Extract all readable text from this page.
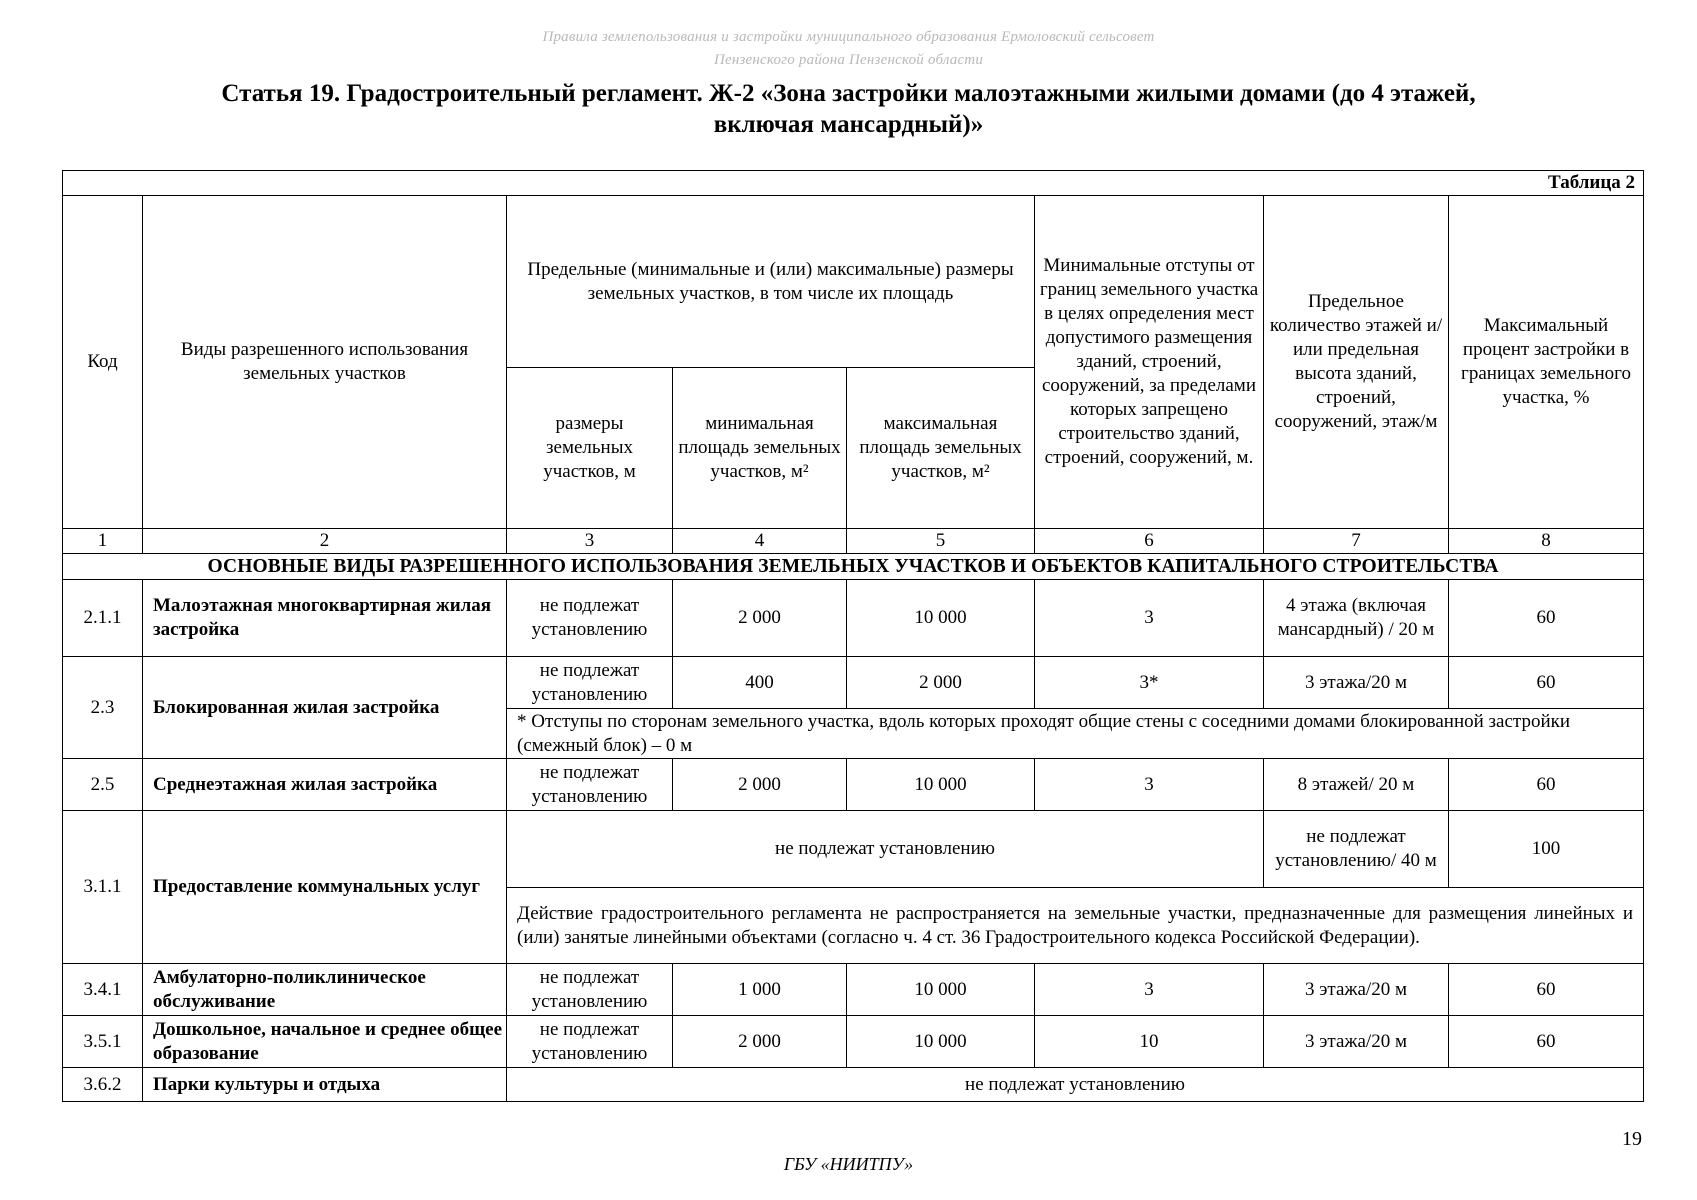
Правила землепользования и застройки муниципального образования Ермоловский сельсовет
Пензенского района Пензенской области
Статья 19. Градостроительный регламент. Ж-2 «Зона застройки малоэтажными жилыми домами (до 4 этажей,
включая мансардный)»
Таблица 2							
Код	Виды разрешенного использования земельных участков	Предельные (минимальные и (или) максимальные) размеры земельных участков, в том числе их площадь			Минимальные отступы от границ земельного участка в целях определения мест допустимого размещения зданий, строений, сооружений, за пределами которых запрещено строительство зданий, строений, сооружений, м.	Предельное количество этажей и/или предельная высота зданий, строений, сооружений, этаж/м	Максимальный процент застройки в границах земельного участка, %
		размеры земельных участков, м	минимальная площадь земельных участков, м²	максимальная площадь земельных участков, м²			
1	2	3	4	5	6	7	8
ОСНОВНЫЕ ВИДЫ РАЗРЕШЕННОГО ИСПОЛЬЗОВАНИЯ ЗЕМЕЛЬНЫХ УЧАСТКОВ И ОБЪЕКТОВ КАПИТАЛЬНОГО СТРОИТЕЛЬСТВА							
2.1.1	Малоэтажная многоквартирная жилая застройка	не подлежат установлению	2 000	10 000	3	4 этажа (включая мансардный) / 20 м	60
2.3	Блокированная жилая застройка	не подлежат установлению	400	2 000	3*	3 этажа/20 м	60
		* Отступы по сторонам земельного участка, вдоль которых проходят общие стены с соседними домами блокированной застройки (смежный блок) – 0 м					
2.5	Среднеэтажная жилая застройка	не подлежат установлению	2 000	10 000	3	8 этажей/ 20 м	60
3.1.1	Предоставление коммунальных услуг	не подлежат установлению				не подлежат установлению/ 40 м	100
		Действие градостроительного регламента не распространяется на земельные участки, предназначенные для размещения линейных и (или) занятые линейными объектами (согласно ч. 4 ст. 36 Градостроительного кодекса Российской Федерации).					
3.4.1	Амбулаторно-поликлиническое обслуживание	не подлежат установлению	1 000	10 000	3	3 этажа/20 м	60
3.5.1	Дошкольное, начальное и среднее общее образование	не подлежат установлению	2 000	10 000	10	3 этажа/20 м	60
3.6.2	Парки культуры и отдыха	не подлежат установлению					
19
ГБУ «НИИТПУ»
